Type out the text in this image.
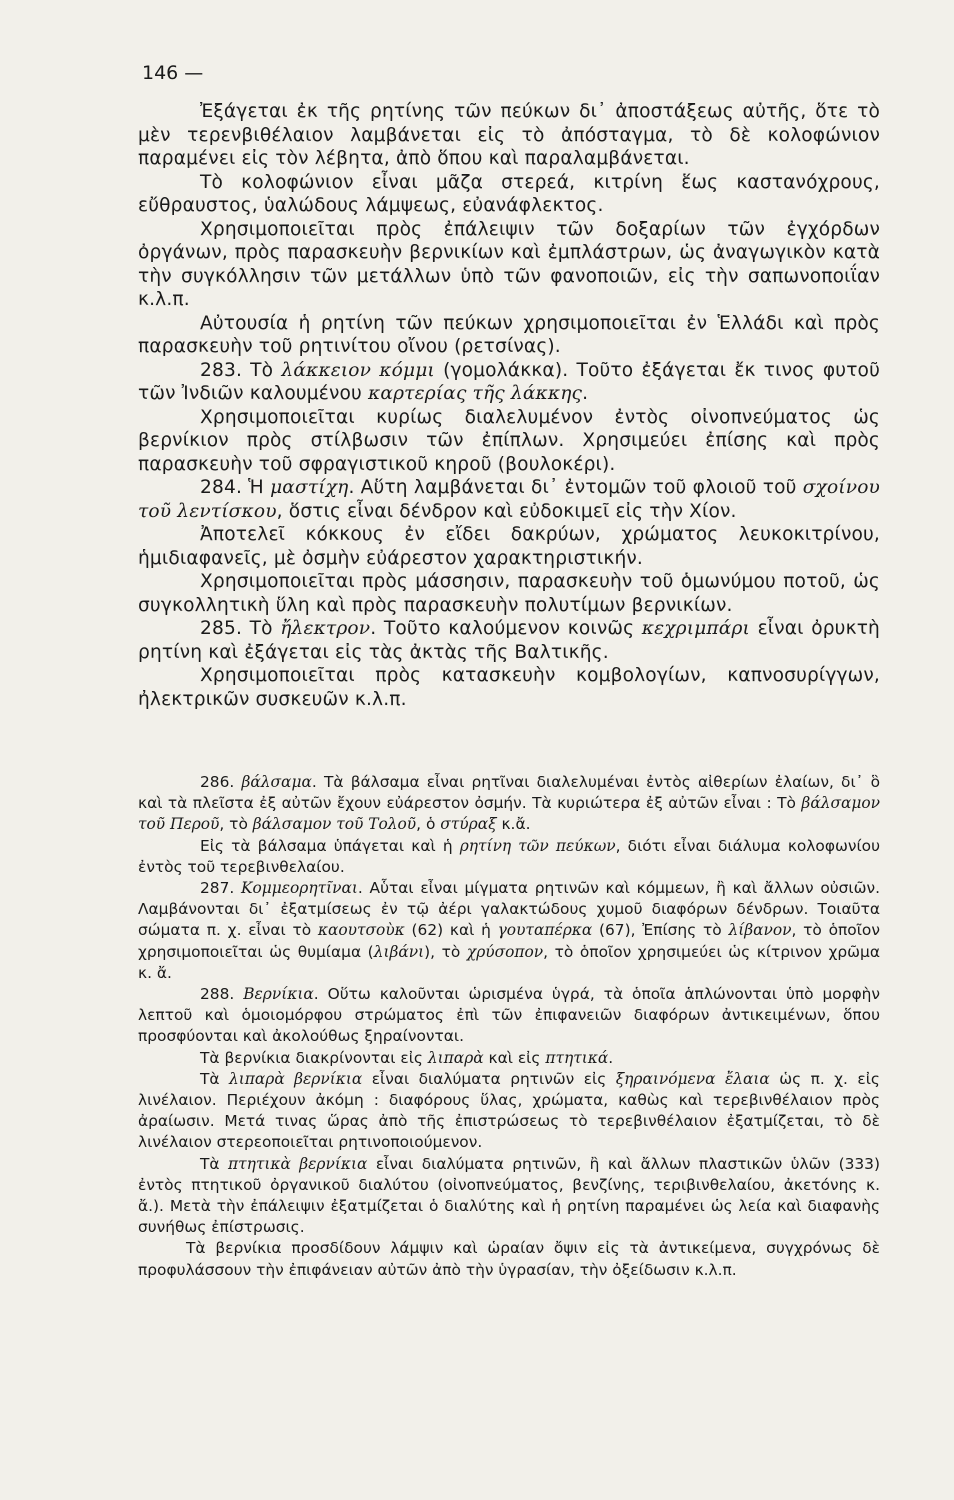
146 —

Ἐξάγεται ἐκ τῆς ρητίνης τῶν πεύκων δι᾽ ἀποστάξεως αὐτῆς, ὅτε τὸ μὲν τερενβιθέλαιον λαμβάνεται εἰς τὸ ἀπόσταγμα, τὸ δὲ κολοφώνιον παραμένει εἰς τὸν λέβητα, ἀπὸ ὅπου καὶ παραλαμβάνεται.

Τὸ κολοφώνιον εἶναι μᾶζα στερεά, κιτρίνη ἕως καστανόχρους, εὔθραυστος, ὑαλώδους λάμψεως, εὐανάφλεκτος.

Χρησιμοποιεῖται πρὸς ἐπάλειψιν τῶν δοξαρίων τῶν ἐγχόρδων ὀργάνων, πρὸς παρασκευὴν βερνικίων καὶ ἐμπλάστρων, ὡς ἀναγωγικὸν κατὰ τὴν συγκόλλησιν τῶν μετάλλων ὑπὸ τῶν φανοποιῶν, εἰς τὴν σαπωνοποιΐαν κ.λ.π.

Αὐτουσία ἡ ρητίνη τῶν πεύκων χρησιμοποιεῖται ἐν Ἑλλάδι καὶ πρὸς παρασκευὴν τοῦ ρητινίτου οἴνου (ρετσίνας).

283. Τὸ λάκκειον κόμμι (γομολάκκα). Τοῦτο ἐξάγεται ἔκ τινος φυτοῦ τῶν Ἰνδιῶν καλουμένου καρτερίας τῆς λάκκης.

Χρησιμοποιεῖται κυρίως διαλελυμένον ἐντὸς οἰνοπνεύματος ὡς βερνίκιον πρὸς στίλβωσιν τῶν ἐπίπλων. Χρησιμεύει ἐπίσης καὶ πρὸς παρασκευὴν τοῦ σφραγιστικοῦ κηροῦ (βουλοκέρι).

284. Ἡ μαστίχη. Αὕτη λαμβάνεται δι᾽ ἐντομῶν τοῦ φλοιοῦ τοῦ σχοίνου τοῦ λεντίσκου, ὅστις εἶναι δένδρον καὶ εὐδοκιμεῖ εἰς τὴν Χίον.

Ἀποτελεῖ κόκκους ἐν εἴδει δακρύων, χρώματος λευκοκιτρίνου, ἡμιδιαφανεῖς, μὲ ὀσμὴν εὐάρεστον χαρακτηριστικήν.

Χρησιμοποιεῖται πρὸς μάσσησιν, παρασκευὴν τοῦ ὁμωνύμου ποτοῦ, ὡς συγκολλητικὴ ὕλη καὶ πρὸς παρασκευὴν πολυτίμων βερνικίων.

285. Τὸ ἤλεκτρον. Τοῦτο καλούμενον κοινῶς κεχριμπάρι εἶναι ὀρυκτὴ ρητίνη καὶ ἐξάγεται εἰς τὰς ἀκτὰς τῆς Βαλτικῆς.

Χρησιμοποιεῖται πρὸς κατασκευὴν κομβολογίων, καπνοσυρίγγων, ἠλεκτρικῶν συσκευῶν κ.λ.π.

286. βάλσαμα. Τὰ βάλσαμα εἶναι ρητῖναι διαλελυμέναι ἐντὸς αἰθερίων ἐλαίων, δι᾽ ὃ καὶ τὰ πλεῖστα ἐξ αὐτῶν ἔχουν εὐάρεστον ὀσμήν. Τὰ κυριώτερα ἐξ αὐτῶν εἶναι : Τὸ βάλσαμον τοῦ Περοῦ, τὸ βάλσαμον τοῦ Τολοῦ, ὁ στύραξ κ.ἄ.

Εἰς τὰ βάλσαμα ὑπάγεται καὶ ἡ ρητίνη τῶν πεύκων, διότι εἶναι διάλυμα κολοφωνίου ἐντὸς τοῦ τερεβινθελαίου.

287. Κομμεορητῖναι. Αὗται εἶναι μίγματα ρητινῶν καὶ κόμμεων, ἢ καὶ ἄλλων οὐσιῶν. Λαμβάνονται δι᾽ ἐξατμίσεως ἐν τῷ ἀέρι γαλακτώδους χυμοῦ διαφόρων δένδρων. Τοιαῦτα σώματα π. χ. εἶναι τὸ καουτσοὺκ (62) καὶ ἡ γουταπέρκα (67), Ἐπίσης τὸ λίβανον, τὸ ὁποῖον χρησιμοποιεῖται ὡς θυμίαμα (λιβάνι), τὸ χρύσοπον, τὸ ὁποῖον χρησιμεύει ὡς κίτρινον χρῶμα κ. ἄ.

288. Βερνίκια. Οὕτω καλοῦνται ὡρισμένα ὑγρά, τὰ ὁποῖα ἁπλώνονται ὑπὸ μορφὴν λεπτοῦ καὶ ὁμοιομόρφου στρώματος ἐπὶ τῶν ἐπιφανειῶν διαφόρων ἀντικειμένων, ὅπου προσφύονται καὶ ἀκολούθως ξηραίνονται.

Τὰ βερνίκια διακρίνονται εἰς λιπαρὰ καὶ εἰς πτητικά.

Τὰ λιπαρὰ βερνίκια εἶναι διαλύματα ρητινῶν εἰς ξηραινόμενα ἔλαια ὡς π. χ. εἰς λινέλαιον. Περιέχουν ἀκόμη : διαφόρους ὕλας, χρώματα, καθὼς καὶ τερεβινθέλαιον πρὸς ἀραίωσιν. Μετά τινας ὥρας ἀπὸ τῆς ἐπιστρώσεως τὸ τερεβινθέλαιον ἐξατμίζεται, τὸ δὲ λινέλαιον στερεοποιεῖται ρητινοποιούμενον.

Τὰ πτητικὰ βερνίκια εἶναι διαλύματα ρητινῶν, ἢ καὶ ἄλλων πλαστικῶν ὑλῶν (333) ἐντὸς πτητικοῦ ὀργανικοῦ διαλύτου (οἰνοπνεύματος, βενζίνης, τεριβινθελαίου, ἀκετόνης κ. ἄ.). Μετὰ τὴν ἐπάλειψιν ἐξατμίζεται ὁ διαλύτης καὶ ἡ ρητίνη παραμένει ὡς λεία καὶ διαφανὴς συνήθως ἐπίστρωσις.

Τὰ βερνίκια προσδίδουν λάμψιν καὶ ὡραίαν ὄψιν εἰς τὰ ἀντικείμενα, συγχρόνως δὲ προφυλάσσουν τὴν ἐπιφάνειαν αὐτῶν ἀπὸ τὴν ὑγρασίαν, τὴν ὀξείδωσιν κ.λ.π.
